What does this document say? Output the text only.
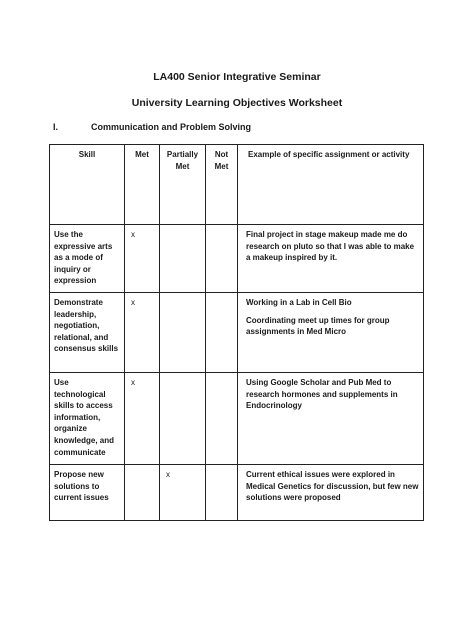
LA400 Senior Integrative Seminar
University Learning Objectives Worksheet
I.	Communication and Problem Solving
Skill	Met	Partially Met	Not Met	Example of specific assignment or activity
Use the expressive arts as a mode of inquiry or expression	x			Final project in stage makeup made me do research on pluto so that I was able to make a makeup inspired by it.

Demonstrate leadership, negotiation, relational, and consensus skills	x			Working in a Lab in Cell Bio

Coordinating meet up times for group assignments in Med Micro

Use technological skills to access information, organize knowledge, and communicate	x			Using Google Scholar and Pub Med to research hormones and supplements in Endocrinology

Propose new solutions to current issues		x		Current ethical issues were explored in Medical Genetics for discussion, but few new solutions were proposed
